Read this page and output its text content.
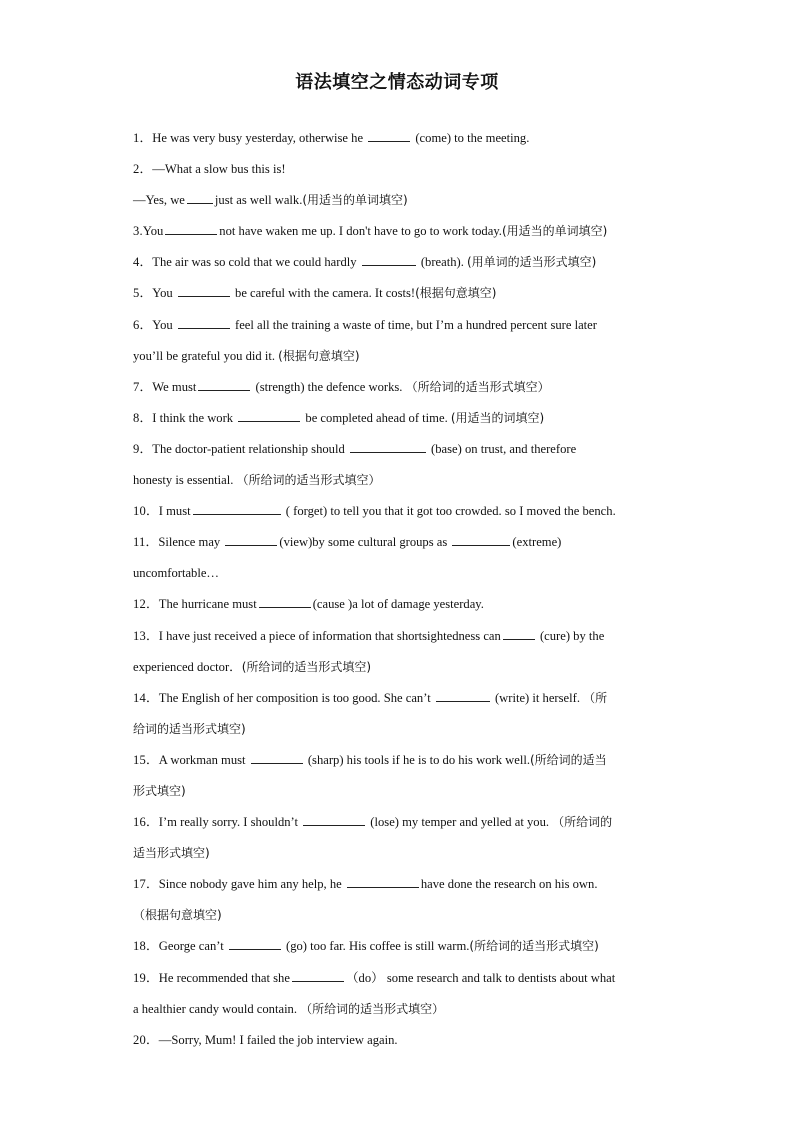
语法填空之情态动词专项
1．He was very busy yesterday, otherwise he	(come) to the meeting.
2．—What a slow bus this is!
—Yes, we just as well walk.(用适当的单词填空)
3.You	not have waken me up. I don't have to go to work today.(用适当的单词填空)
4．The air was so cold that we could hardly	(breath). (用单词的适当形式填空)
5．You	be careful with the camera. It costs!(根据句意填空)
6．You	feel all the training a waste of time, but I’m a hundred percent sure later
you’ll be grateful you did it. (根据句意填空)
7．We must	(strength) the defence works. （所给词的适当形式填空）
8．I think the work	be completed ahead of time. (用适当的词填空)
9．The doctor-patient relationship should	(base) on trust, and therefore
honesty is essential. （所给词的适当形式填空）
10．I must	( forget) to tell you that it got too crowded. so I moved the bench.
11．Silence may	(view)by some cultural groups as	(extreme)
uncomfortable…
12．The hurricane must	(cause )a lot of damage yesterday.
13．I have just received a piece of information that shortsightedness can	(cure) by the
experienced doctor．(所给词的适当形式填空)
14．The English of her composition is too good. She can’t	(write) it herself. （所
给词的适当形式填空)
15．A workman must	(sharp) his tools if he is to do his work well.(所给词的适当
形式填空)
16．I’m really sorry. I shouldn’t	(lose) my temper and yelled at you. （所给词的
适当形式填空)
17．Since nobody gave him any help, he	have done the research on his own.
（根据句意填空)
18．George can’t	(go) too far. His coffee is still warm.(所给词的适当形式填空)
19．He recommended that she	（do） some research and talk to dentists about what
a healthier candy would contain. （所给词的适当形式填空）
20．—Sorry, Mum! I failed the job interview again.
